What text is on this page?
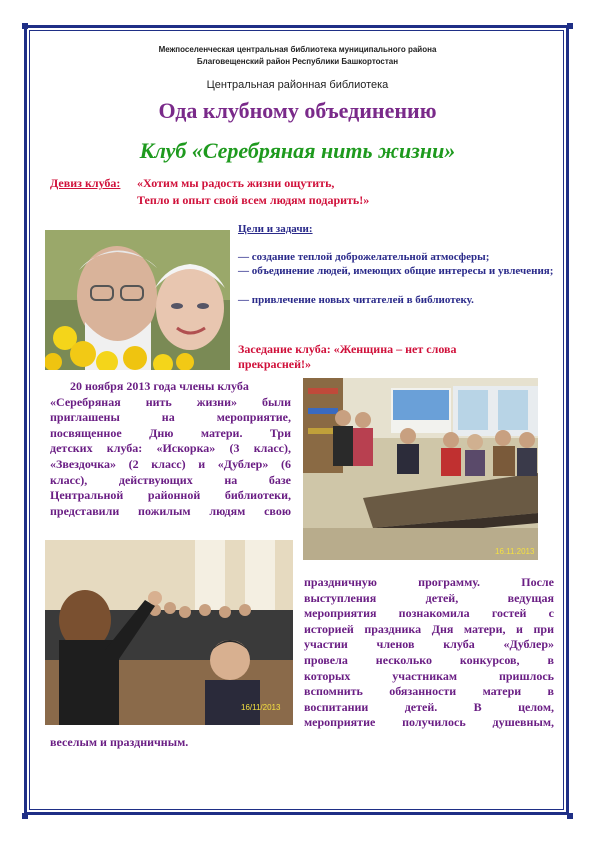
Межпоселенческая центральная библиотека муниципального района
Благовещенский район Республики Башкортостан
Центральная районная библиотека
Ода клубному объединению
Клуб «Серебряная нить жизни»
Девиз клуба: «Хотим мы радость жизни ощутить,
Тепло и опыт свой всем людям подарить!»
Цели и задачи:
— создание теплой доброжелательной атмосферы;
— объединение людей, имеющих общие интересы и увлечения;
— привлечение новых читателей в библиотеку.
Заседание клуба: «Женщина – нет слова
прекрасней!»
20 ноября 2013 года члены клуба
«Серебряная нить жизни» были
приглашены на мероприятие,
посвященное Дню матери. Три
детских клуба: «Искорка» (3 класс),
«Звездочка» (2 класс) и «Дублер» (6
класс), действующих на базе
Центральной районной библиотеки,
представили пожилым людям свою
16.11.2013
16/11/2013
праздничную программу. После
выступления детей, ведущая
мероприятия познакомила гостей с
историей праздника Дня матери, и при
участии членов клуба «Дублер»
провела несколько конкурсов, в
которых участникам пришлось
вспомнить обязанности матери в
воспитании детей. В целом,
мероприятие получилось душевным,
веселым и праздничным.
